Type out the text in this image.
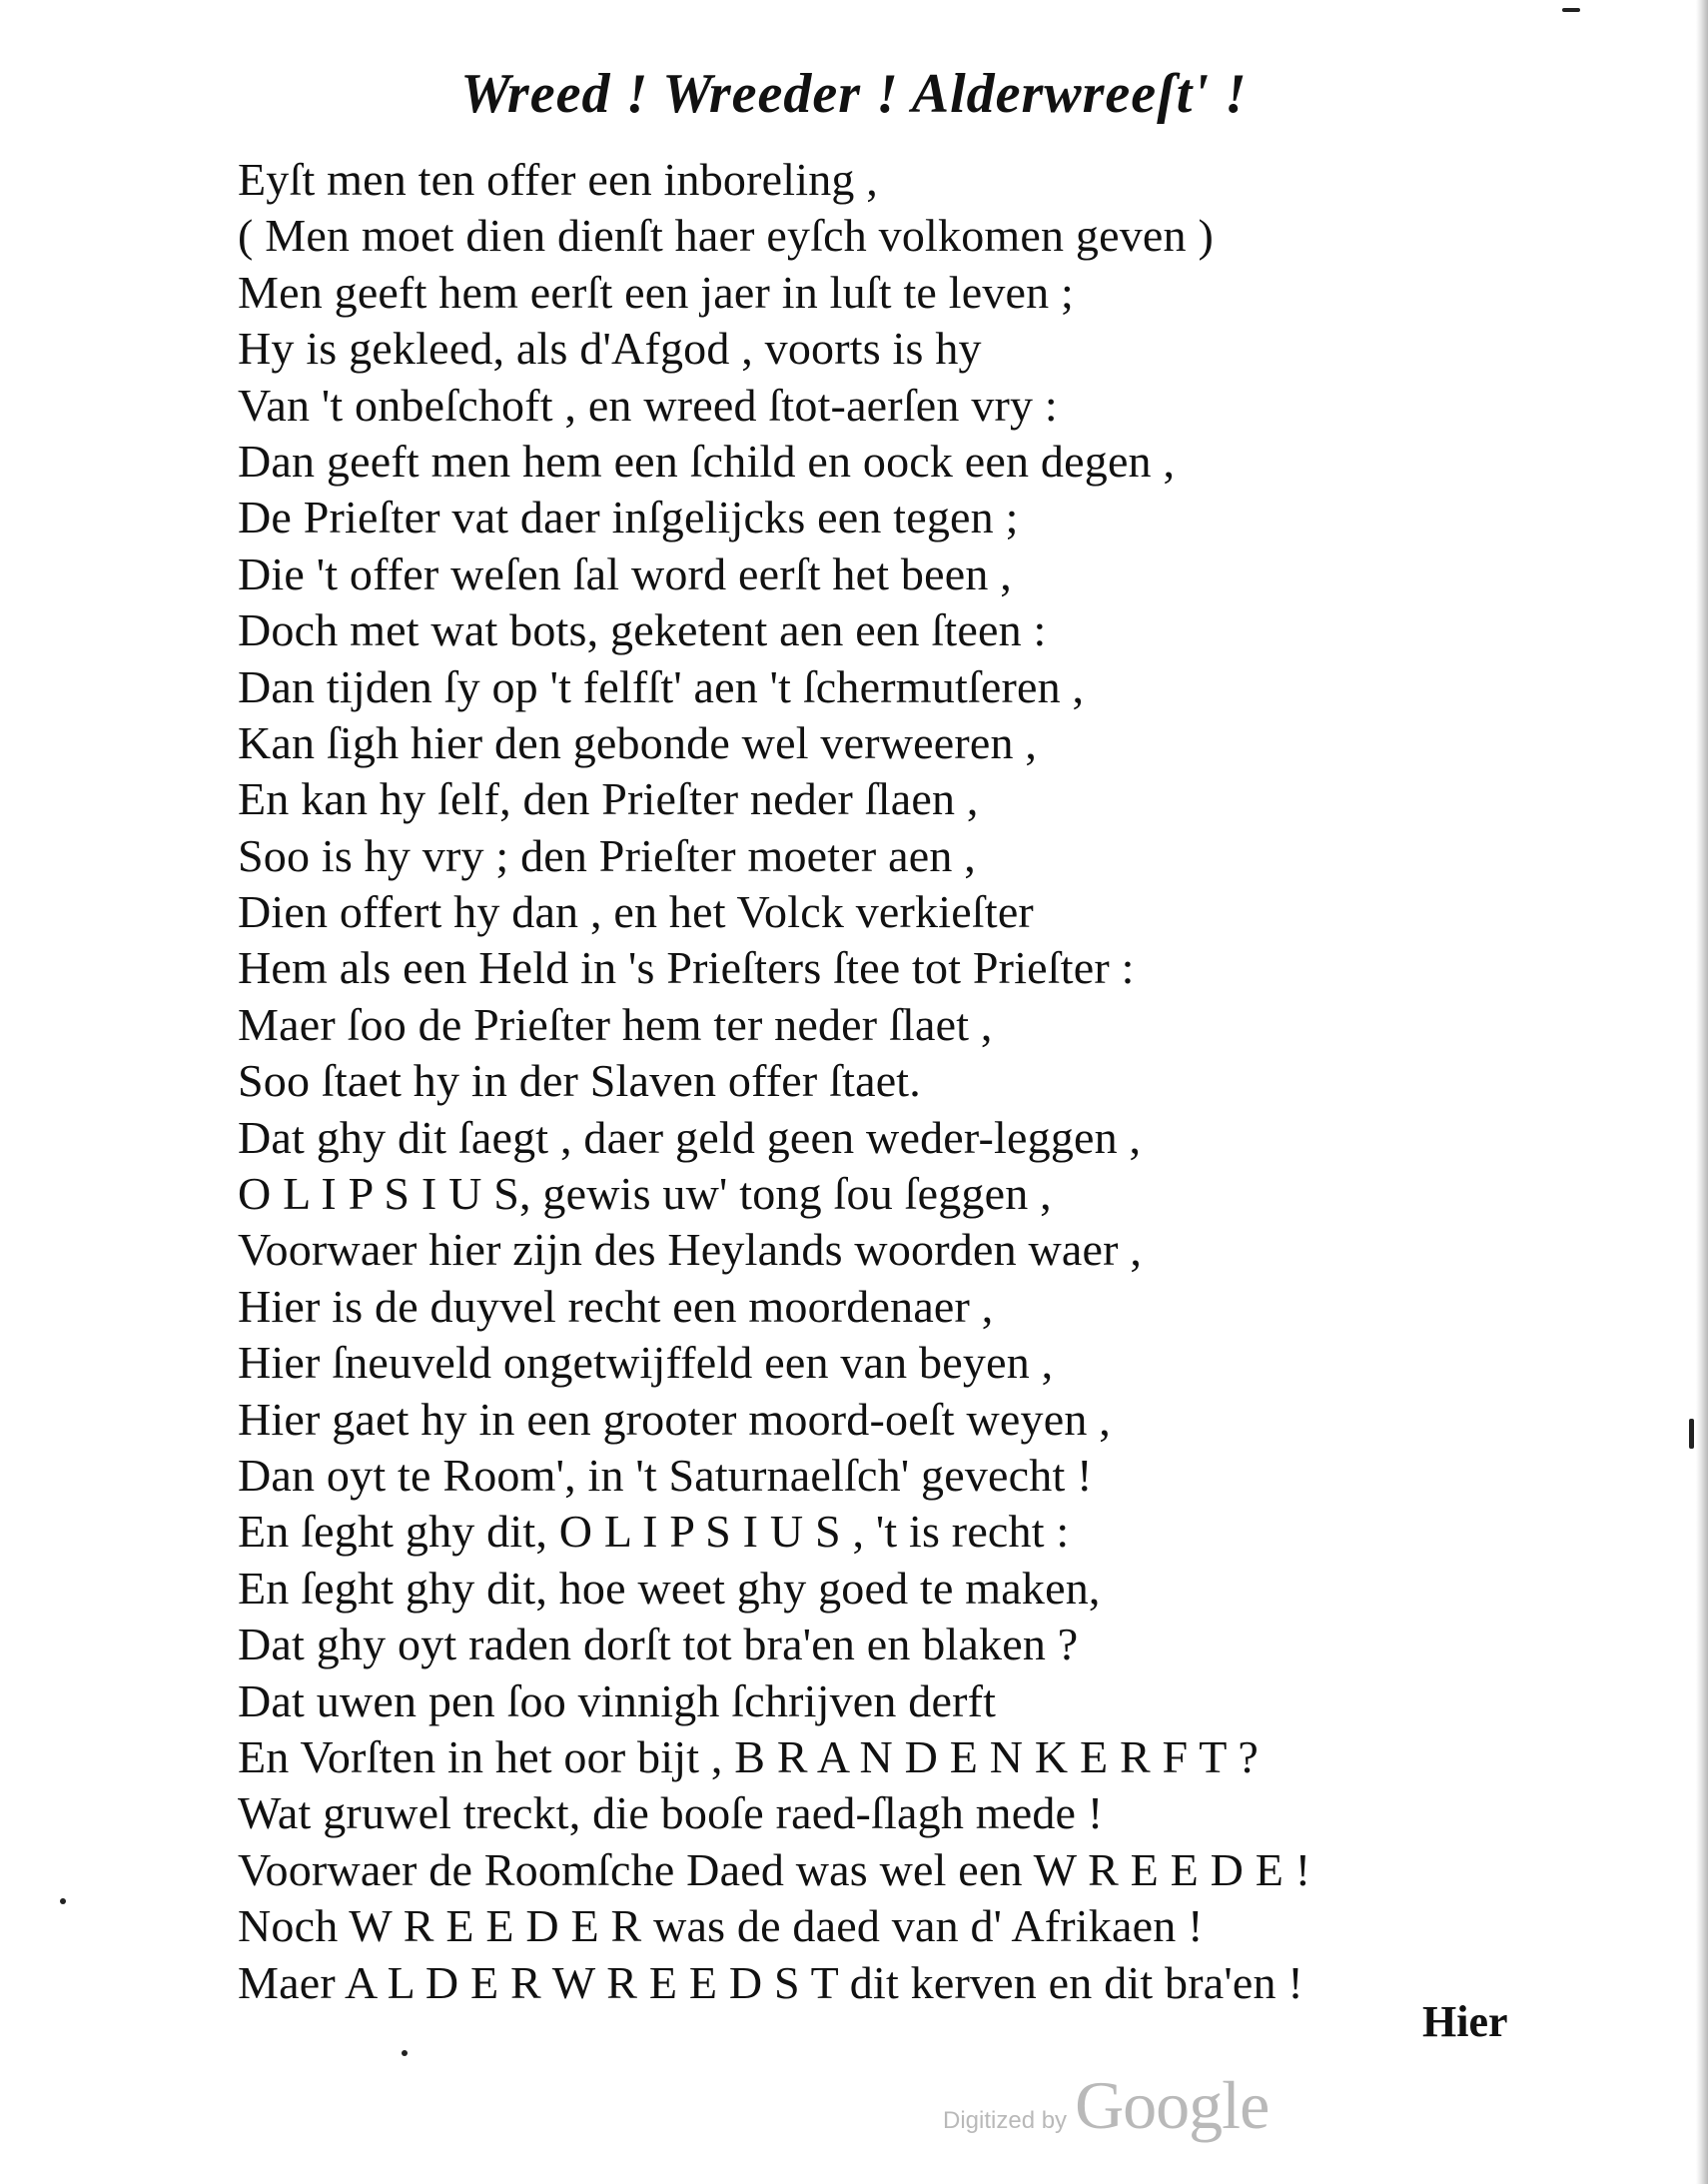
Wreed ! Wreeder ! Alderwreeſt' !
Eyſt men ten offer een inboreling ,
( Men moet dien dienſt haer eyſch volkomen geven )
Men geeft hem eerſt een jaer in luſt te leven ;
Hy is gekleed, als d'Afgod , voorts is hy
Van 't onbeſchoft , en wreed ſtot-aerſen vry :
Dan geeft men hem een ſchild en oock een degen ,
De Prieſter vat daer inſgelijcks een tegen ;
Die 't offer weſen ſal word eerſt het been ,
Doch met wat bots, geketent aen een ſteen :
Dan tijden ſy op 't felfſt' aen 't ſchermutſeren ,
Kan ſigh hier den gebonde wel verweeren ,
En kan hy ſelf, den Prieſter neder ſlaen ,
Soo is hy vry ; den Prieſter moeter aen ,
Dien offert hy dan , en het Volck verkieſter
Hem als een Held in 's Prieſters ſtee tot Prieſter :
Maer ſoo de Prieſter hem ter neder ſlaet ,
Soo ſtaet hy in der Slaven offer ſtaet.
Dat ghy dit ſaegt , daer geld geen weder-leggen ,
O L I P S I U S, gewis uw' tong ſou ſeggen ,
Voorwaer hier zijn des Heylands woorden waer ,
Hier is de duyvel recht een moordenaer ,
Hier ſneuveld ongetwijffeld een van beyen ,
Hier gaet hy in een grooter moord-oeſt weyen ,
Dan oyt te Room', in 't Saturnaelſch' gevecht !
En ſeght ghy dit, O L I P S I U S , 't is recht :
En ſeght ghy dit, hoe weet ghy goed te maken,
Dat ghy oyt raden dorſt tot bra'en en blaken ?
Dat uwen pen ſoo vinnigh ſchrijven derft
En Vorſten in het oor bijt , B R A N D E N K E R F T ?
Wat gruwel treckt, die booſe raed-ſlagh mede !
Voorwaer de Roomſche Daed was wel een W R E E D E !
Noch W R E E D E R was de daed van d' Afrikaen !
Maer A L D E R W R E E D S T dit kerven en dit bra'en !
Hier
Digitized by Google
